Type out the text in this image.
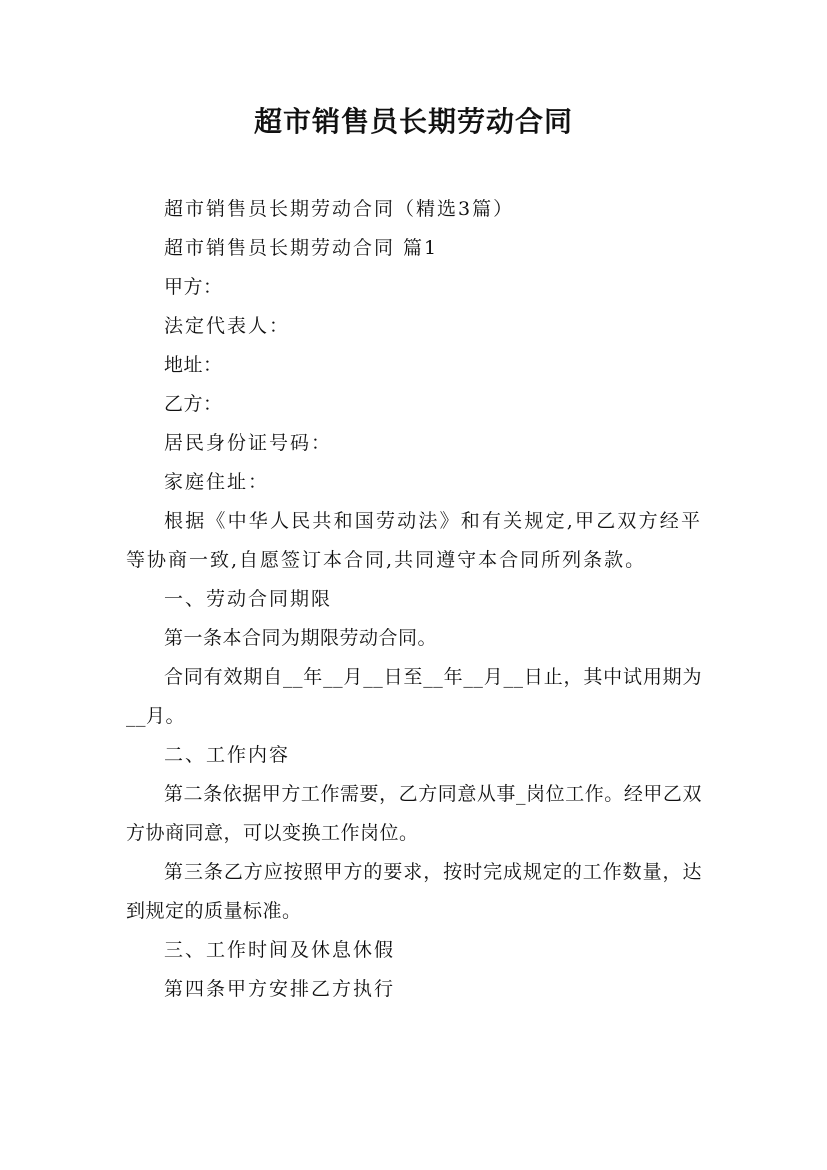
超市销售员长期劳动合同

超市销售员长期劳动合同（精选3篇）

超市销售员长期劳动合同 篇1

甲方：

法定代表人：

地址：

乙方：

居民身份证号码：

家庭住址：

根据《中华人民共和国劳动法》和有关规定,甲乙双方经平等协商一致,自愿签订本合同,共同遵守本合同所列条款。

一、劳动合同期限

第一条本合同为期限劳动合同。

合同有效期自__年__月__日至__年__月__日止，其中试用期为__月。

二、工作内容

第二条依据甲方工作需要，乙方同意从事_岗位工作。经甲乙双方协商同意，可以变换工作岗位。

第三条乙方应按照甲方的要求，按时完成规定的工作数量，达到规定的质量标准。

三、工作时间及休息休假

第四条甲方安排乙方执行
